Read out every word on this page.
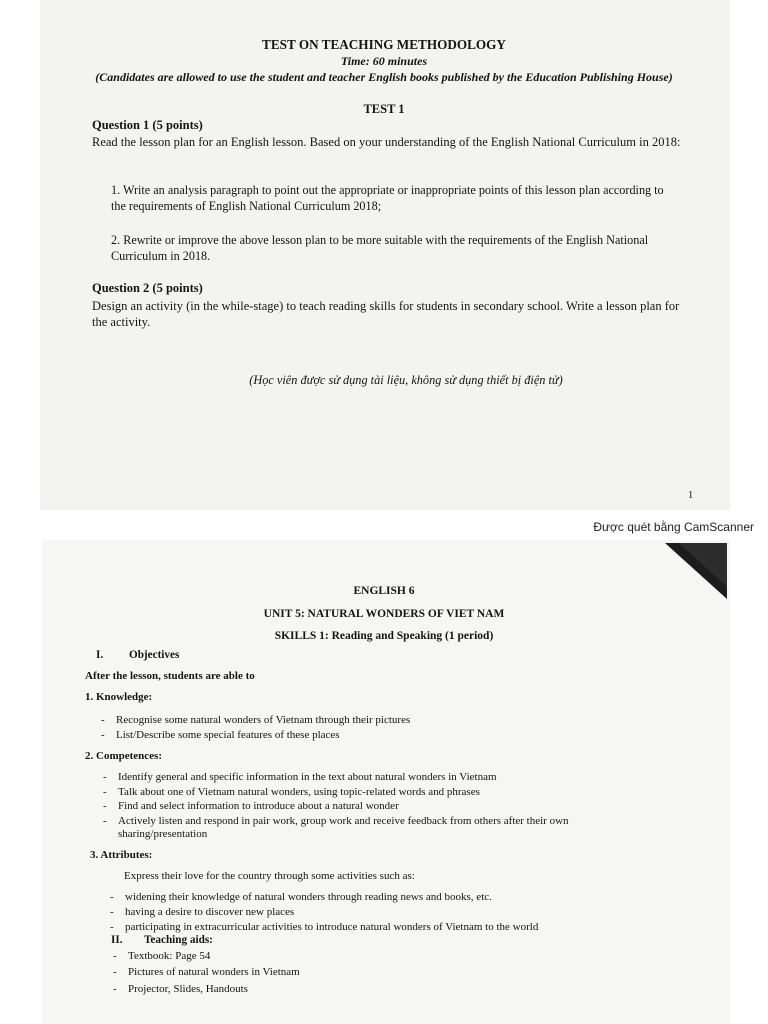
TEST ON TEACHING METHODOLOGY
Time: 60 minutes
(Candidates are allowed to use the student and teacher English books published by the Education Publishing House)
TEST 1
Question 1 (5 points)
Read the lesson plan for an English lesson. Based on your understanding of the English National Curriculum in 2018:
1. Write an analysis paragraph to point out the appropriate or inappropriate points of this lesson plan according to the requirements of English National Curriculum 2018;
2. Rewrite or improve the above lesson plan to be more suitable with the requirements of the English National Curriculum in 2018.
Question 2 (5 points)
Design an activity (in the while-stage) to teach reading skills for students in secondary school. Write a lesson plan for the activity.
(Học viên được sử dụng tài liệu, không sử dụng thiết bị điện tử)
1
Được quét bằng CamScanner
ENGLISH 6
UNIT 5: NATURAL WONDERS OF VIET NAM
SKILLS 1: Reading and Speaking (1 period)
I. Objectives
After the lesson, students are able to
1. Knowledge:
- Recognise some natural wonders of Vietnam through their pictures
- List/Describe some special features of these places
2. Competences:
- Identify general and specific information in the text about natural wonders in Vietnam
- Talk about one of Vietnam natural wonders, using topic-related words and phrases
- Find and select information to introduce about a natural wonder
- Actively listen and respond in pair work, group work and receive feedback from others after their own sharing/presentation
3. Attributes:
Express their love for the country through some activities such as:
- widening their knowledge of natural wonders through reading news and books, etc.
- having a desire to discover new places
- participating in extracurricular activities to introduce natural wonders of Vietnam to the world
II. Teaching aids:
- Textbook: Page 54
- Pictures of natural wonders in Vietnam
- Projector, Slides, Handouts
